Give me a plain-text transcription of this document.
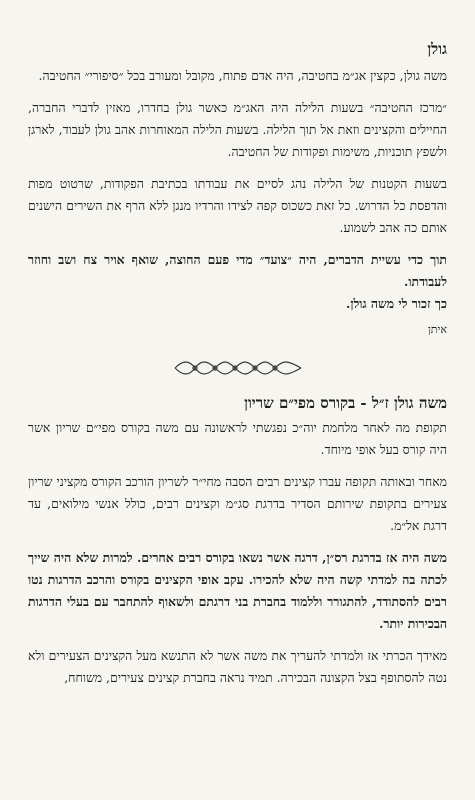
גולן

משה גולן, כקצין אג״מ בחטיבה, היה אדם פתוח, מקובל ומעורב בכל ״סיפורי״ החטיבה.

״מרכז החטיבה״ בשעות הלילה היה האג״מ כאשר גולן בחדרו, מאזין לדברי החברה, החיילים והקצינים וזאת אל תוך הלילה. בשעות הלילה המאוחרות אהב גולן לעבוד, לארגן ולשפץ תוכניות, משימות ופקודות של החטיבה.

בשעות הקטנות של הלילה נהג לסיים את עבודתו בכתיבת הפקודות, שרטוט מפות והדפסת כל הדרוש. כל זאת כשכוס קפה לצידו והרדיו מנגן ללא הרף את השירים הישנים אותם כה אהב לשמוע.

תוך כדי עשיית הדברים, היה ״צועד״ מדי פעם החוצה, שואף אויר צח ושב וחוזר לעבודתו.

כך זכור לי משה גולן.

איתן
משה גולן ז״ל - בקורס מפי״ם שריון

תקופת מה לאחר מלחמת יוה״כ נפגשתי לראשונה עם משה בקורס מפי״ם שריון אשר היה קורס בעל אופי מיוחד.

מאחר ובאותה תקופה עברו קצינים רבים הסבה מחי״ר לשריון הורכב הקורס מקציני שריון צעירים בתקופת שירותם הסדיר בדרגת סג״מ וקצינים רבים, כולל אנשי מילואים, עד דרגת אל״מ.

משה היה אז בדרגת רס״ן, דרגה אשר נשאו בקורס רבים אחרים. למרות שלא היה שייך לכתה בה למדתי קשה היה שלא להכירו. עקב אופי הקצינים בקורס והרכב הדרגות נטו רבים להסתודד, להתגורר וללמוד בחברת בני דרגתם ולשאוף להתחבר עם בעלי הדרגות הבכירות יותר.

מאידך הכרתי אז ולמדתי להעריך את משה אשר לא התנשא מעל הקצינים הצעירים ולא נטה להסתופף בצל הקצונה הבכירה. תמיד נראה בחברת קצינים צעירים, משוחח,
